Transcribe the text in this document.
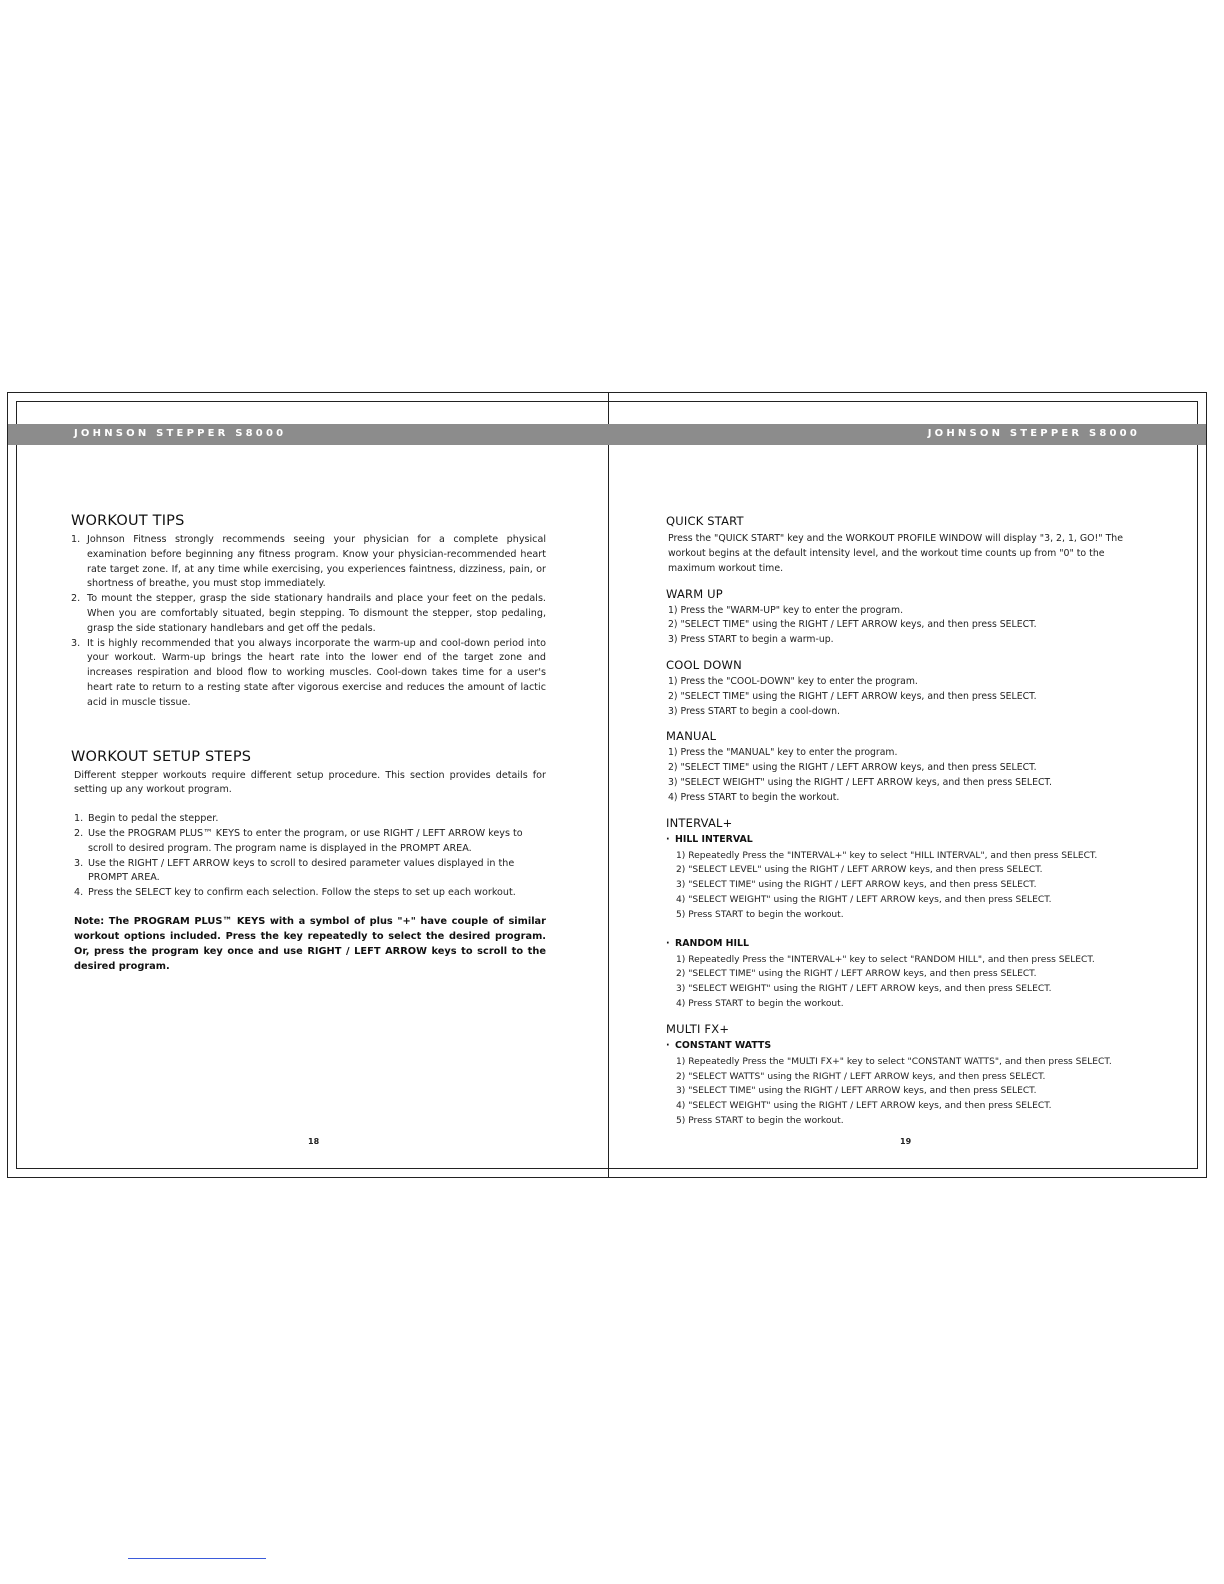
JOHNSON STEPPER S8000	JOHNSON STEPPER S8000
WORKOUT TIPS
1. Johnson Fitness strongly recommends seeing your physician for a complete physical examination before beginning any fitness program. Know your physician-recommended heart rate target zone. If, at any time while exercising, you experiences faintness, dizziness, pain, or shortness of breathe, you must stop immediately.
2. To mount the stepper, grasp the side stationary handrails and place your feet on the pedals. When you are comfortably situated, begin stepping. To dismount the stepper, stop pedaling, grasp the side stationary handlebars and get off the pedals.
3. It is highly recommended that you always incorporate the warm-up and cool-down period into your workout. Warm-up brings the heart rate into the lower end of the target zone and increases respiration and blood flow to working muscles. Cool-down takes time for a user's heart rate to return to a resting state after vigorous exercise and reduces the amount of lactic acid in muscle tissue.
WORKOUT SETUP STEPS

Different stepper workouts require different setup procedure. This section provides details for setting up any workout program.

1. Begin to pedal the stepper.
2. Use the PROGRAM PLUS™ KEYS to enter the program, or use RIGHT / LEFT ARROW keys to scroll to desired program. The program name is displayed in the PROMPT AREA.
3. Use the RIGHT / LEFT ARROW keys to scroll to desired parameter values displayed in the PROMPT AREA.
4. Press the SELECT key to confirm each selection. Follow the steps to set up each workout.

Note: The PROGRAM PLUS™ KEYS with a symbol of plus "+" have couple of similar workout options included. Press the key repeatedly to select the desired program. Or, press the program key once and use RIGHT / LEFT ARROW keys to scroll to the desired program.

18
QUICK START

Press the "QUICK START" key and the WORKOUT PROFILE WINDOW will display "3, 2, 1, GO!" The workout begins at the default intensity level, and the workout time counts up from "0" to the maximum workout time.

WARM UP
1) Press the "WARM-UP" key to enter the program.
2) "SELECT TIME" using the RIGHT / LEFT ARROW keys, and then press SELECT.
3) Press START to begin a warm-up.
COOL DOWN
1) Press the "COOL-DOWN" key to enter the program.
2) "SELECT TIME" using the RIGHT / LEFT ARROW keys, and then press SELECT.
3) Press START to begin a cool-down.
MANUAL
1) Press the "MANUAL" key to enter the program.
2) "SELECT TIME" using the RIGHT / LEFT ARROW keys, and then press SELECT.
3) "SELECT WEIGHT" using the RIGHT / LEFT ARROW keys, and then press SELECT.
4) Press START to begin the workout.
INTERVAL+
· HILL INTERVAL
1) Repeatedly Press the "INTERVAL+" key to select "HILL INTERVAL", and then press SELECT.
2) "SELECT LEVEL" using the RIGHT / LEFT ARROW keys, and then press SELECT.
3) "SELECT TIME" using the RIGHT / LEFT ARROW keys, and then press SELECT.
4) "SELECT WEIGHT" using the RIGHT / LEFT ARROW keys, and then press SELECT.
5) Press START to begin the workout.
· RANDOM HILL
1) Repeatedly Press the "INTERVAL+" key to select "RANDOM HILL", and then press SELECT.
2) "SELECT TIME" using the RIGHT / LEFT ARROW keys, and then press SELECT.
3) "SELECT WEIGHT" using the RIGHT / LEFT ARROW keys, and then press SELECT.
4) Press START to begin the workout.
MULTI FX+
· CONSTANT WATTS
1) Repeatedly Press the "MULTI FX+" key to select "CONSTANT WATTS", and then press SELECT.
2) "SELECT WATTS" using the RIGHT / LEFT ARROW keys, and then press SELECT.
3) "SELECT TIME" using the RIGHT / LEFT ARROW keys, and then press SELECT.
4) "SELECT WEIGHT" using the RIGHT / LEFT ARROW keys, and then press SELECT.
5) Press START to begin the workout.
19
